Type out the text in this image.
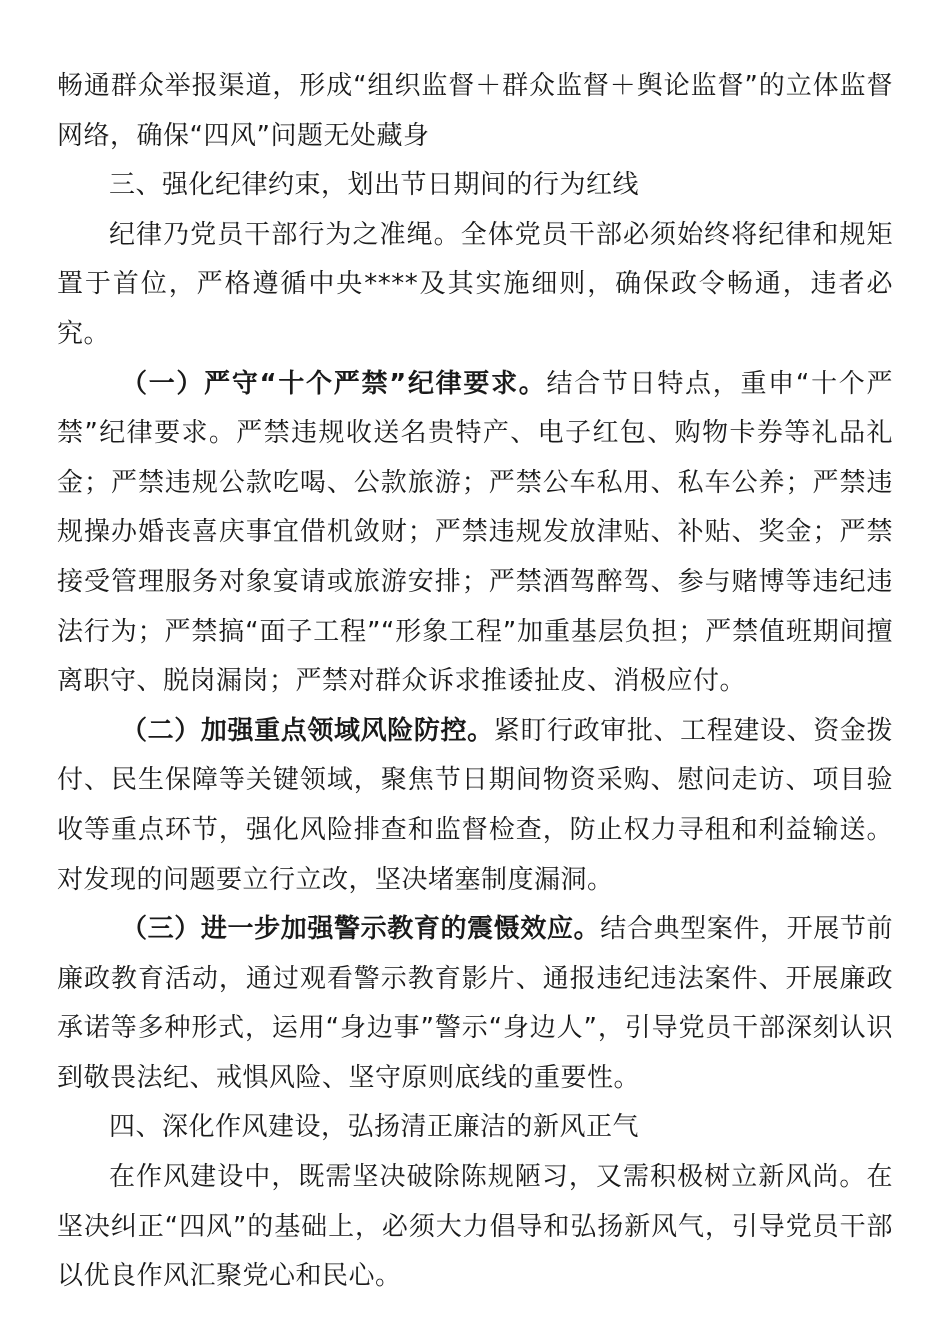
畅通群众举报渠道，形成“组织监督＋群众监督＋舆论监督”的立体监督网络，确保“四风”问题无处藏身

三、强化纪律约束，划出节日期间的行为红线

纪律乃党员干部行为之准绳。全体党员干部必须始终将纪律和规矩置于首位，严格遵循中央****及其实施细则，确保政令畅通，违者必究。

（一）严守“十个严禁”纪律要求。结合节日特点，重申“十个严禁”纪律要求。严禁违规收送名贵特产、电子红包、购物卡券等礼品礼金；严禁违规公款吃喝、公款旅游；严禁公车私用、私车公养；严禁违规操办婚丧喜庆事宜借机敛财；严禁违规发放津贴、补贴、奖金；严禁接受管理服务对象宴请或旅游安排；严禁酒驾醉驾、参与赌博等违纪违法行为；严禁搞“面子工程”“形象工程”加重基层负担；严禁值班期间擅离职守、脱岗漏岗；严禁对群众诉求推诿扯皮、消极应付。

（二）加强重点领域风险防控。紧盯行政审批、工程建设、资金拨付、民生保障等关键领域，聚焦节日期间物资采购、慰问走访、项目验收等重点环节，强化风险排查和监督检查，防止权力寻租和利益输送。对发现的问题要立行立改，坚决堵塞制度漏洞。

（三）进一步加强警示教育的震慑效应。结合典型案件，开展节前廉政教育活动，通过观看警示教育影片、通报违纪违法案件、开展廉政承诺等多种形式，运用“身边事”警示“身边人”，引导党员干部深刻认识到敬畏法纪、戒惧风险、坚守原则底线的重要性。

四、深化作风建设，弘扬清正廉洁的新风正气

在作风建设中，既需坚决破除陈规陋习，又需积极树立新风尚。在坚决纠正“四风”的基础上，必须大力倡导和弘扬新风气，引导党员干部以优良作风汇聚党心和民心。
